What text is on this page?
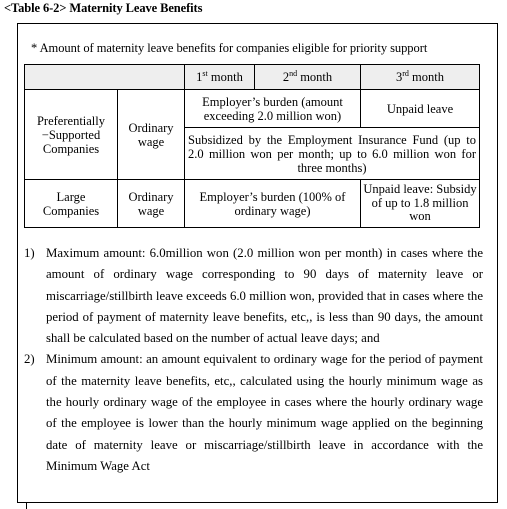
<Table 6-2> Maternity Leave Benefits
* Amount of maternity leave benefits for companies eligible for priority support
		1st month	2nd month	3rd month
Preferentially −Supported Companies	Ordinary wage	Employer’s burden (amount exceeding 2.0 million won)		Unpaid leave
		Subsidized by the Employment Insurance Fund (up to 2.0 million won per month; up to 6.0 million won for three months)		
Large Companies	Ordinary wage	Employer’s burden (100% of ordinary wage)		Unpaid leave: Subsidy of up to 1.8 million won
1) Maximum amount: 6.0million won (2.0 million won per month) in cases where the amount of ordinary wage corresponding to 90 days of maternity leave or miscarriage/stillbirth leave exceeds 6.0 million won, provided that in cases where the period of payment of maternity leave benefits, etc,, is less than 90 days, the amount shall be calculated based on the number of actual leave days; and
2) Minimum amount: an amount equivalent to ordinary wage for the period of payment of the maternity leave benefits, etc,, calculated using the hourly minimum wage as the hourly ordinary wage of the employee in cases where the hourly ordinary wage of the employee is lower than the hourly minimum wage applied on the beginning date of maternity leave or miscarriage/stillbirth leave in accordance with the Minimum Wage Act
